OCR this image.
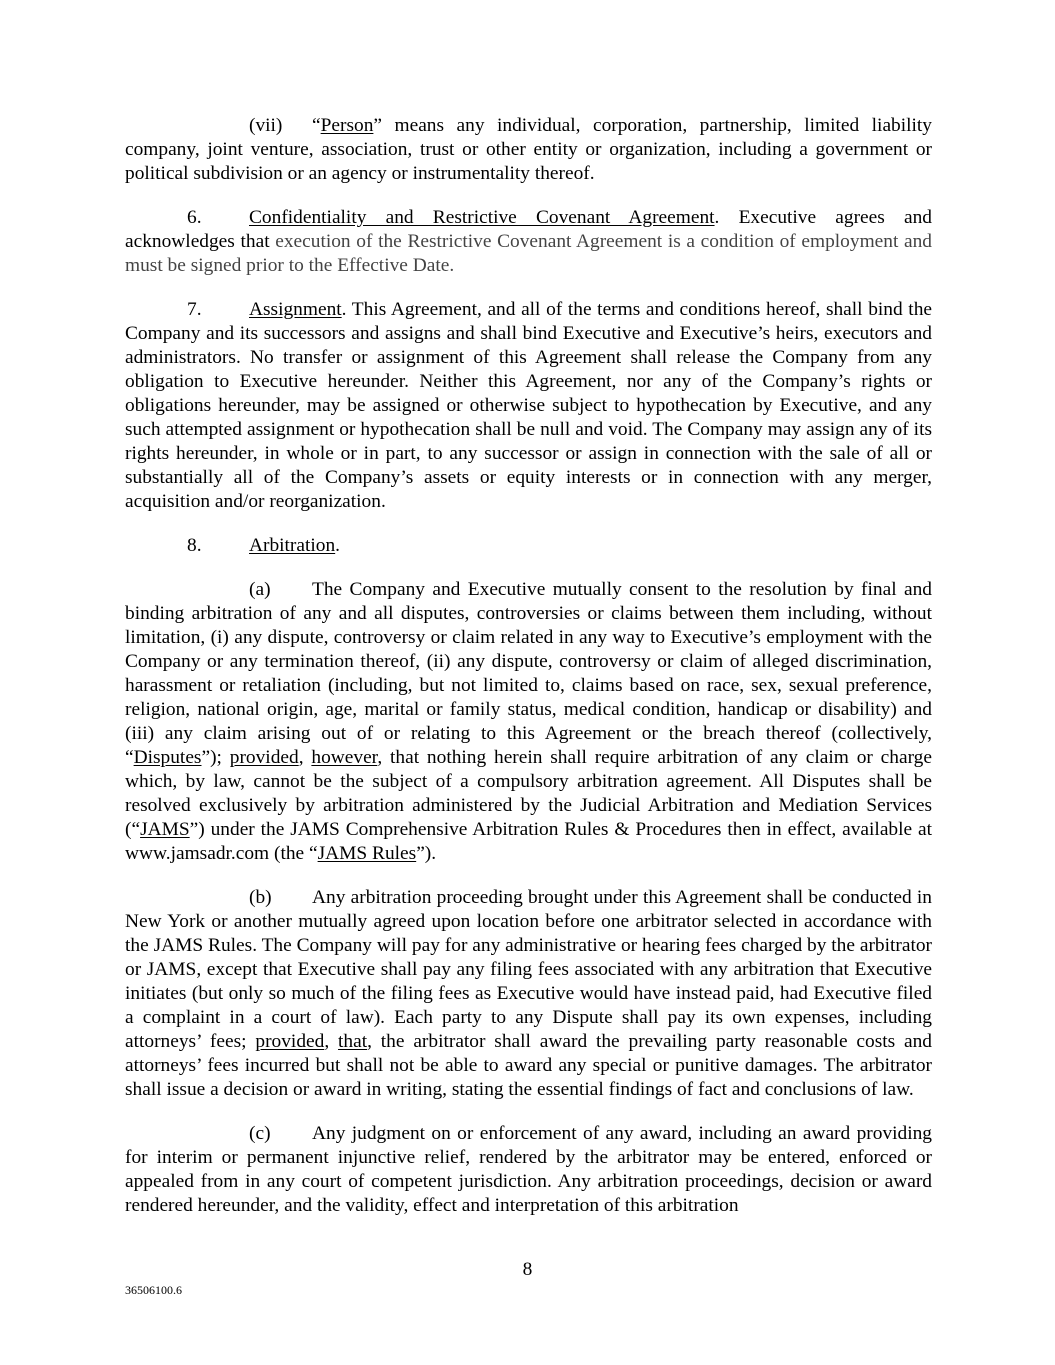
(vii) “Person” means any individual, corporation, partnership, limited liability company, joint venture, association, trust or other entity or organization, including a government or political subdivision or an agency or instrumentality thereof.

6. Confidentiality and Restrictive Covenant Agreement. Executive agrees and acknowledges that execution of the Restrictive Covenant Agreement is a condition of employment and must be signed prior to the Effective Date.

7. Assignment. This Agreement, and all of the terms and conditions hereof, shall bind the Company and its successors and assigns and shall bind Executive and Executive’s heirs, executors and administrators. No transfer or assignment of this Agreement shall release the Company from any obligation to Executive hereunder. Neither this Agreement, nor any of the Company’s rights or obligations hereunder, may be assigned or otherwise subject to hypothecation by Executive, and any such attempted assignment or hypothecation shall be null and void. The Company may assign any of its rights hereunder, in whole or in part, to any successor or assign in connection with the sale of all or substantially all of the Company’s assets or equity interests or in connection with any merger, acquisition and/or reorganization.

8. Arbitration.

(a) The Company and Executive mutually consent to the resolution by final and binding arbitration of any and all disputes, controversies or claims between them including, without limitation, (i) any dispute, controversy or claim related in any way to Executive’s employment with the Company or any termination thereof, (ii) any dispute, controversy or claim of alleged discrimination, harassment or retaliation (including, but not limited to, claims based on race, sex, sexual preference, religion, national origin, age, marital or family status, medical condition, handicap or disability) and (iii) any claim arising out of or relating to this Agreement or the breach thereof (collectively, “Disputes”); provided, however, that nothing herein shall require arbitration of any claim or charge which, by law, cannot be the subject of a compulsory arbitration agreement. All Disputes shall be resolved exclusively by arbitration administered by the Judicial Arbitration and Mediation Services (“JAMS”) under the JAMS Comprehensive Arbitration Rules & Procedures then in effect, available at www.jamsadr.com (the “JAMS Rules”).

(b) Any arbitration proceeding brought under this Agreement shall be conducted in New York or another mutually agreed upon location before one arbitrator selected in accordance with the JAMS Rules. The Company will pay for any administrative or hearing fees charged by the arbitrator or JAMS, except that Executive shall pay any filing fees associated with any arbitration that Executive initiates (but only so much of the filing fees as Executive would have instead paid, had Executive filed a complaint in a court of law). Each party to any Dispute shall pay its own expenses, including attorneys’ fees; provided, that, the arbitrator shall award the prevailing party reasonable costs and attorneys’ fees incurred but shall not be able to award any special or punitive damages. The arbitrator shall issue a decision or award in writing, stating the essential findings of fact and conclusions of law.

(c) Any judgment on or enforcement of any award, including an award providing for interim or permanent injunctive relief, rendered by the arbitrator may be entered, enforced or appealed from in any court of competent jurisdiction. Any arbitration proceedings, decision or award rendered hereunder, and the validity, effect and interpretation of this arbitration

8
36506100.6
